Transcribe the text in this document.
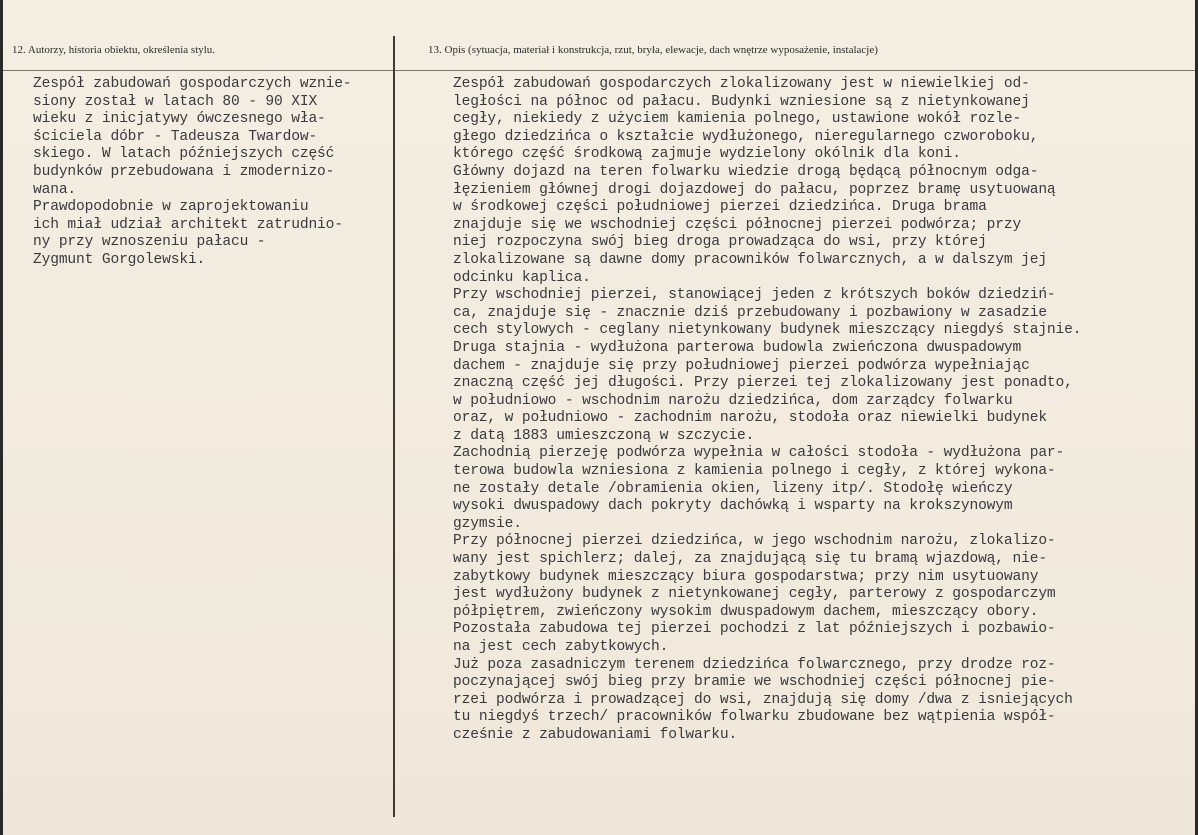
12. Autorzy, historia obiektu, określenia stylu.	13. Opis (sytuacja, materiał i konstrukcja, rzut, bryła, elewacje, dach wnętrze wyposażenie, instalacje)
Zespół zabudowań gospodarczych wznie-
siony został w latach 80 - 90 XIX
wieku z inicjatywy ówczesnego wła-
ściciela dóbr - Tadeusza Twardow-
skiego. W latach późniejszych część
budynków przebudowana i zmodernizo-
wana.
Prawdopodobnie w zaprojektowaniu
ich miał udział architekt zatrudnio-
ny przy wznoszeniu pałacu -
Zygmunt Gorgolewski.
Zespół zabudowań gospodarczych zlokalizowany jest w niewielkiej od-
ległości na północ od pałacu. Budynki wzniesione są z nietynkowanej
cegły, niekiedy z użyciem kamienia polnego, ustawione wokół rozle-
głego dziedzińca o kształcie wydłużonego, nieregularnego czworoboku,
którego część środkową zajmuje wydzielony okólnik dla koni.
Główny dojazd na teren folwarku wiedzie drogą będącą północnym odga-
łęzieniem głównej drogi dojazdowej do pałacu, poprzez bramę usytuowaną
w środkowej części południowej pierzei dziedzińca. Druga brama
znajduje się we wschodniej części północnej pierzei podwórza; przy
niej rozpoczyna swój bieg droga prowadząca do wsi, przy której
zlokalizowane są dawne domy pracowników folwarcznych, a w dalszym jej
odcinku kaplica.
Przy wschodniej pierzei, stanowiącej jeden z krótszych boków dziedziń-
ca, znajduje się - znacznie dziś przebudowany i pozbawiony w zasadzie
cech stylowych - ceglany nietynkowany budynek mieszczący niegdyś stajnie.
Druga stajnia - wydłużona parterowa budowla zwieńczona dwuspadowym
dachem - znajduje się przy południowej pierzei podwórza wypełniając
znaczną część jej długości. Przy pierzei tej zlokalizowany jest ponadto,
w południowo - wschodnim narożu dziedzińca, dom zarządcy folwarku
oraz, w południowo - zachodnim narożu, stodoła oraz niewielki budynek
z datą 1883 umieszczoną w szczycie.
Zachodnią pierzeję podwórza wypełnia w całości stodoła - wydłużona par-
terowa budowla wzniesiona z kamienia polnego i cegły, z której wykona-
ne zostały detale /obramienia okien, lizeny itp/. Stodołę wieńczy
wysoki dwuspadowy dach pokryty dachówką i wsparty na krokszynowym
gzymsie.
Przy północnej pierzei dziedzińca, w jego wschodnim narożu, zlokalizo-
wany jest spichlerz; dalej, za znajdującą się tu bramą wjazdową, nie-
zabytkowy budynek mieszczący biura gospodarstwa; przy nim usytuowany
jest wydłużony budynek z nietynkowanej cegły, parterowy z gospodarczym
półpiętrem, zwieńczony wysokim dwuspadowym dachem, mieszczący obory.
Pozostała zabudowa tej pierzei pochodzi z lat późniejszych i pozbawio-
na jest cech zabytkowych.
Już poza zasadniczym terenem dziedzińca folwarcznego, przy drodze roz-
poczynającej swój bieg przy bramie we wschodniej części północnej pie-
rzei podwórza i prowadzącej do wsi, znajdują się domy /dwa z isniejących
tu niegdyś trzech/ pracowników folwarku zbudowane bez wątpienia współ-
cześnie z zabudowaniami folwarku.
